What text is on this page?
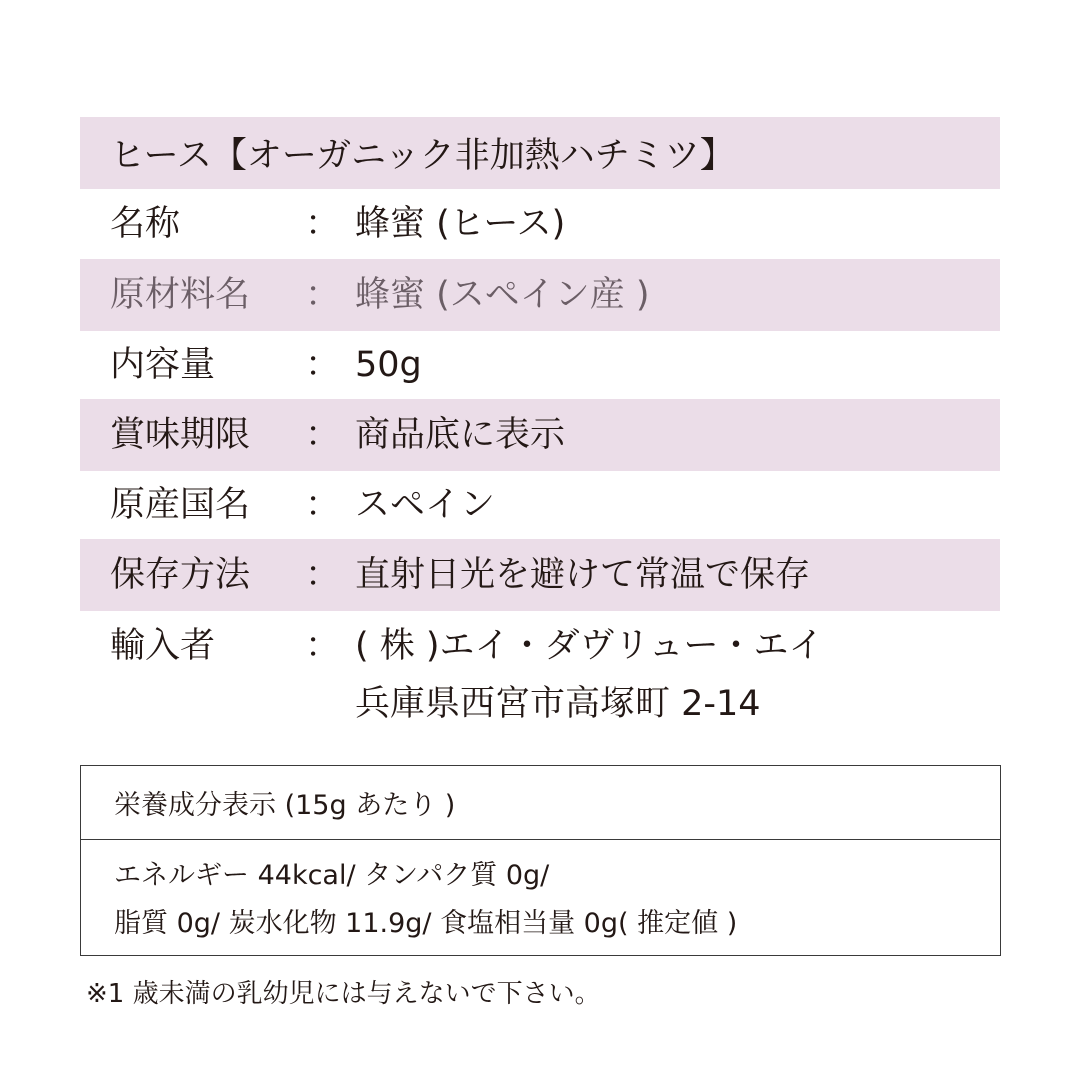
ヒース【オーガニック非加熱ハチミツ】
名称	： 蜂蜜 (ヒース)
原材料名	： 蜂蜜 (スペイン産 )
内容量	： 50g
賞味期限	： 商品底に表示
原産国名	： スペイン
保存方法	： 直射日光を避けて常温で保存
輸入者	： ( 株 )エイ・ダヴリュー・エイ
兵庫県西宮市高塚町 2-14
栄養成分表示 (15g あたり )
エネルギー 44kcal/ タンパク質 0g/
脂質 0g/ 炭水化物 11.9g/ 食塩相当量 0g( 推定値 )
※1 歳未満の乳幼児には与えないで下さい。
